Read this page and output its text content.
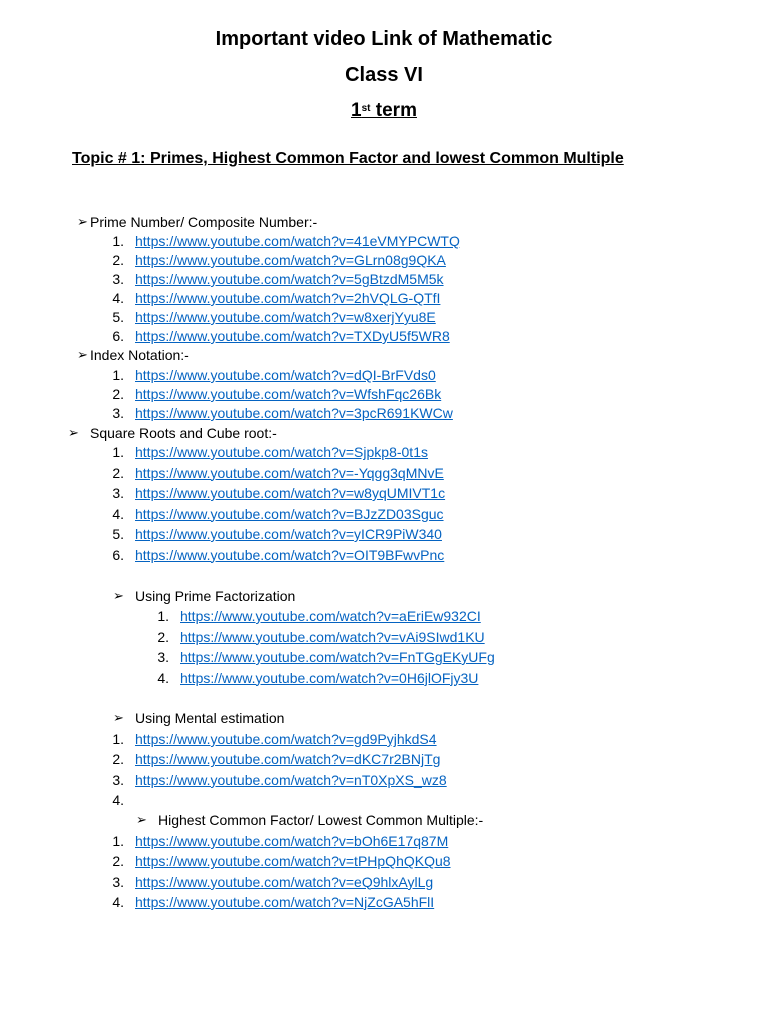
Important video Link of Mathematic
Class VI
1st term
Topic # 1: Primes, Highest Common Factor and lowest Common Multiple
➢ Prime Number/ Composite Number:-
1. https://www.youtube.com/watch?v=41eVMYPCWTQ
2. https://www.youtube.com/watch?v=GLrn08g9QKA
3. https://www.youtube.com/watch?v=5gBtzdM5M5k
4. https://www.youtube.com/watch?v=2hVQLG-QTfI
5. https://www.youtube.com/watch?v=w8xerjYyu8E
6. https://www.youtube.com/watch?v=TXDyU5f5WR8
➢ Index Notation:-
1. https://www.youtube.com/watch?v=dQI-BrFVds0
2. https://www.youtube.com/watch?v=WfshFqc26Bk
3. https://www.youtube.com/watch?v=3pcR691KWCw
➢ Square Roots and Cube root:-
1. https://www.youtube.com/watch?v=Sjpkp8-0t1s
2. https://www.youtube.com/watch?v=-Yqgg3qMNvE
3. https://www.youtube.com/watch?v=w8yqUMIVT1c
4. https://www.youtube.com/watch?v=BJzZD03Sguc
5. https://www.youtube.com/watch?v=yICR9PiW340
6. https://www.youtube.com/watch?v=OIT9BFwvPnc
➢ Using Prime Factorization
1. https://www.youtube.com/watch?v=aEriEw932CI
2. https://www.youtube.com/watch?v=vAi9SIwd1KU
3. https://www.youtube.com/watch?v=FnTGgEKyUFg
4. https://www.youtube.com/watch?v=0H6jlOFjy3U
➢ Using Mental estimation
1. https://www.youtube.com/watch?v=gd9PyjhkdS4
2. https://www.youtube.com/watch?v=dKC7r2BNjTg
3. https://www.youtube.com/watch?v=nT0XpXS_wz8
4.
➢ Highest Common Factor/ Lowest Common Multiple:-
1. https://www.youtube.com/watch?v=bOh6E17q87M
2. https://www.youtube.com/watch?v=tPHpQhQKQu8
3. https://www.youtube.com/watch?v=eQ9hlxAylLg
4. https://www.youtube.com/watch?v=NjZcGA5hFlI
